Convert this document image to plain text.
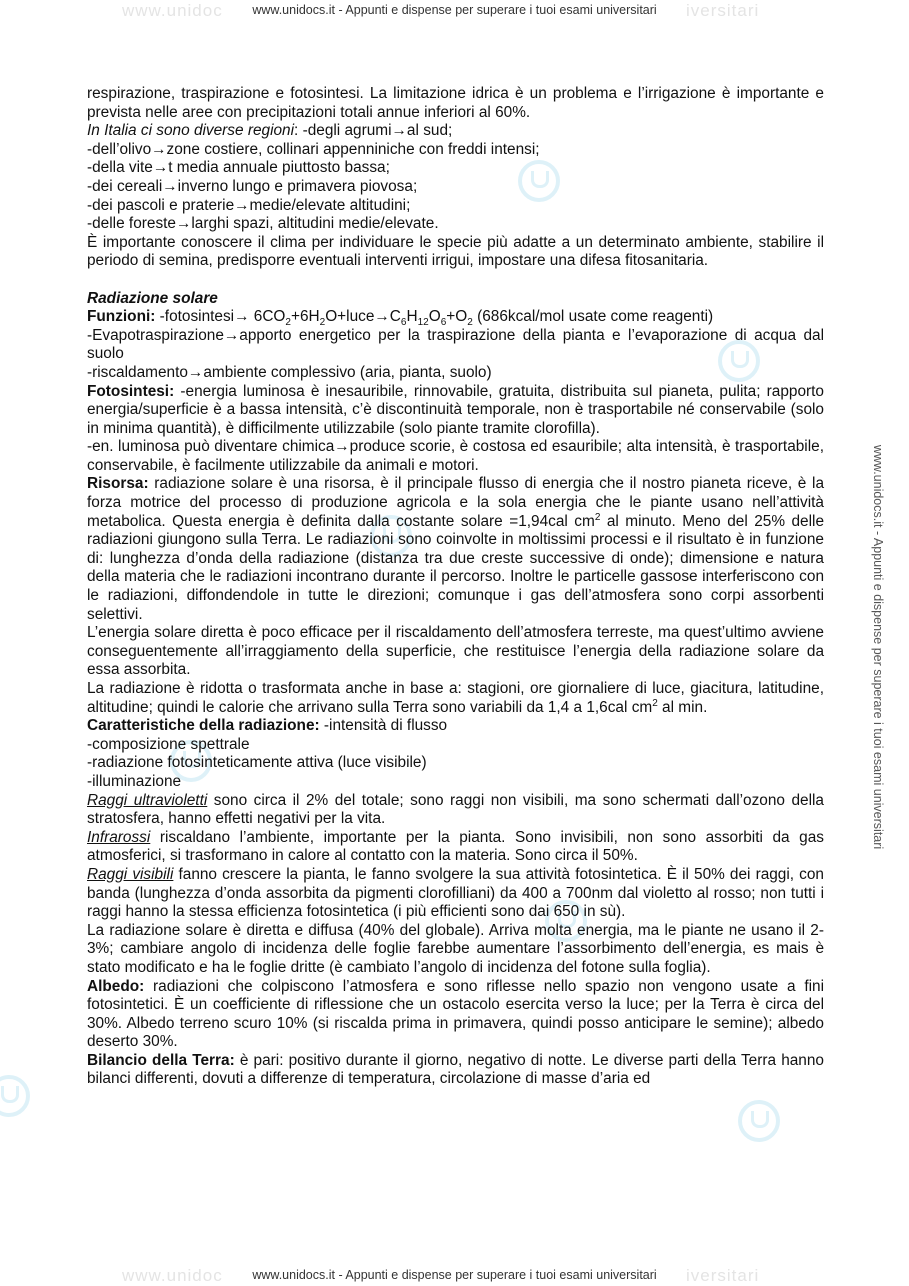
www.unidoc www.unidocs.it - Appunti e dispense per superare i tuoi esami universitari iversitari
www.unidocs.it - Appunti e dispense per superare i tuoi esami universitari

respirazione, traspirazione e fotosintesi. La limitazione idrica è un problema e l’irrigazione è importante e prevista nelle aree con precipitazioni totali annue inferiori al 60%.

In Italia ci sono diverse regioni: -degli agrumi→al sud;

-dell’olivo→zone costiere, collinari appenniniche con freddi intensi;

-della vite→t media annuale piuttosto bassa;

-dei cereali→inverno lungo e primavera piovosa;

-dei pascoli e praterie→medie/elevate altitudini;

-delle foreste→larghi spazi, altitudini medie/elevate.

È importante conoscere il clima per individuare le specie più adatte a un determinato ambiente, stabilire il periodo di semina, predisporre eventuali interventi irrigui, impostare una difesa fitosanitaria.

Radiazione solare

Funzioni: -fotosintesi→ $6CO_2+6H_2O+luce\to C_6H_{12}O_6+O_2$ (686kcal/mol usate come reagenti)

-Evapotraspirazione→apporto energetico per la traspirazione della pianta e l’evaporazione di acqua dal suolo

-riscaldamento→ambiente complessivo (aria, pianta, suolo)

Fotosintesi: -energia luminosa è inesauribile, rinnovabile, gratuita, distribuita sul pianeta, pulita; rapporto energia/superficie è a bassa intensità, c’è discontinuità temporale, non è trasportabile né conservabile (solo in minima quantità), è difficilmente utilizzabile (solo piante tramite clorofilla).

-en. luminosa può diventare chimica→produce scorie, è costosa ed esauribile; alta intensità, è trasportabile, conservabile, è facilmente utilizzabile da animali e motori.

Risorsa: radiazione solare è una risorsa, è il principale flusso di energia che il nostro pianeta riceve, è la forza motrice del processo di produzione agricola e la sola energia che le piante usano nell’attività metabolica. Questa energia è definita dalla costante solare =1,94cal $cm^2$ al minuto. Meno del 25% delle radiazioni giungono sulla Terra. Le radiazioni sono coinvolte in moltissimi processi e il risultato è in funzione di: lunghezza d’onda della radiazione (distanza tra due creste successive di onde); dimensione e natura della materia che le radiazioni incontrano durante il percorso. Inoltre le particelle gassose interferiscono con le radiazioni, diffondendole in tutte le direzioni; comunque i gas dell’atmosfera sono corpi assorbenti selettivi.

L’energia solare diretta è poco efficace per il riscaldamento dell’atmosfera terreste, ma quest’ultimo avviene conseguentemente all’irraggiamento della superficie, che restituisce l’energia della radiazione solare da essa assorbita.

La radiazione è ridotta o trasformata anche in base a: stagioni, ore giornaliere di luce, giacitura, latitudine, altitudine; quindi le calorie che arrivano sulla Terra sono variabili da 1,4 a 1,6cal $cm^2$ al min.

Caratteristiche della radiazione: -intensità di flusso

-composizione spettrale

-radiazione fotosinteticamente attiva (luce visibile)

-illuminazione

Raggi ultravioletti sono circa il 2% del totale; sono raggi non visibili, ma sono schermati dall’ozono della stratosfera, hanno effetti negativi per la vita.

Infrarossi riscaldano l’ambiente, importante per la pianta. Sono invisibili, non sono assorbiti da gas atmosferici, si trasformano in calore al contatto con la materia. Sono circa il 50%.

Raggi visibili fanno crescere la pianta, le fanno svolgere la sua attività fotosintetica. È il 50% dei raggi, con banda (lunghezza d’onda assorbita da pigmenti clorofilliani) da 400 a 700nm dal violetto al rosso; non tutti i raggi hanno la stessa efficienza fotosintetica (i più efficienti sono dai 650 in sù).

La radiazione solare è diretta e diffusa (40% del globale). Arriva molta energia, ma le piante ne usano il 2-3%; cambiare angolo di incidenza delle foglie farebbe aumentare l’assorbimento dell’energia, es mais è stato modificato e ha le foglie dritte (è cambiato l’angolo di incidenza del fotone sulla foglia).

Albedo: radiazioni che colpiscono l’atmosfera e sono riflesse nello spazio non vengono usate a fini fotosintetici. È un coefficiente di riflessione che un ostacolo esercita verso la luce; per la Terra è circa del 30%. Albedo terreno scuro 10% (si riscalda prima in primavera, quindi posso anticipare le semine); albedo deserto 30%.

Bilancio della Terra: è pari: positivo durante il giorno, negativo di notte. Le diverse parti della Terra hanno bilanci differenti, dovuti a differenze di temperatura, circolazione di masse d’aria ed

www.unidoc www.unidocs.it - Appunti e dispense per superare i tuoi esami universitari iversitari
